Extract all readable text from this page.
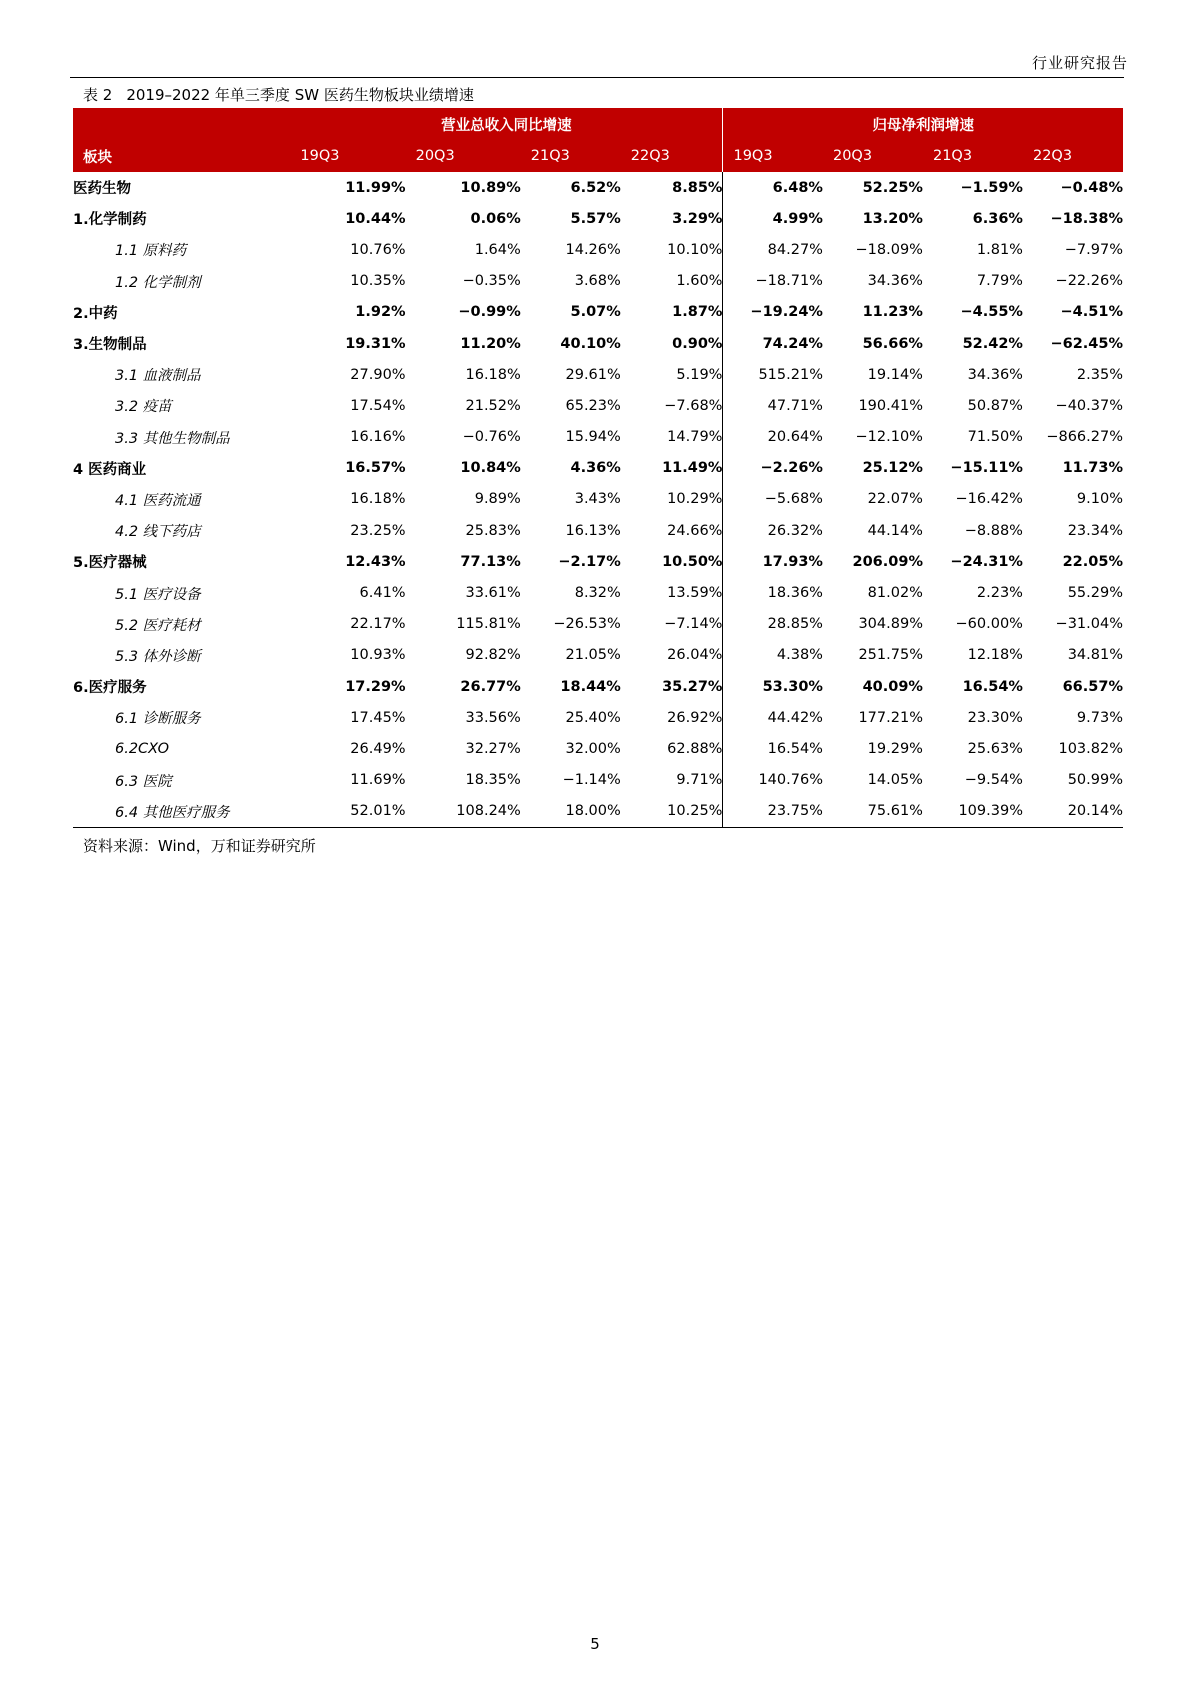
行业研究报告
表 2 2019–2022 年单三季度 SW 医药生物板块业绩增速
	营业总收入同比增速				归母净利润增速			
板块	19Q3	20Q3	21Q3	22Q3	19Q3	20Q3	21Q3	22Q3
医药生物	11.99%	10.89%	6.52%	8.85%	6.48%	52.25%	−1.59%	−0.48%
1.化学制药	10.44%	0.06%	5.57%	3.29%	4.99%	13.20%	6.36%	−18.38%
1.1 原料药	10.76%	1.64%	14.26%	10.10%	84.27%	−18.09%	1.81%	−7.97%
1.2 化学制剂	10.35%	−0.35%	3.68%	1.60%	−18.71%	34.36%	7.79%	−22.26%
2.中药	1.92%	−0.99%	5.07%	1.87%	−19.24%	11.23%	−4.55%	−4.51%
3.生物制品	19.31%	11.20%	40.10%	0.90%	74.24%	56.66%	52.42%	−62.45%
3.1 血液制品	27.90%	16.18%	29.61%	5.19%	515.21%	19.14%	34.36%	2.35%
3.2 疫苗	17.54%	21.52%	65.23%	−7.68%	47.71%	190.41%	50.87%	−40.37%
3.3 其他生物制品	16.16%	−0.76%	15.94%	14.79%	20.64%	−12.10%	71.50%	−866.27%
4 医药商业	16.57%	10.84%	4.36%	11.49%	−2.26%	25.12%	−15.11%	11.73%
4.1 医药流通	16.18%	9.89%	3.43%	10.29%	−5.68%	22.07%	−16.42%	9.10%
4.2 线下药店	23.25%	25.83%	16.13%	24.66%	26.32%	44.14%	−8.88%	23.34%
5.医疗器械	12.43%	77.13%	−2.17%	10.50%	17.93%	206.09%	−24.31%	22.05%
5.1 医疗设备	6.41%	33.61%	8.32%	13.59%	18.36%	81.02%	2.23%	55.29%
5.2 医疗耗材	22.17%	115.81%	−26.53%	−7.14%	28.85%	304.89%	−60.00%	−31.04%
5.3 体外诊断	10.93%	92.82%	21.05%	26.04%	4.38%	251.75%	12.18%	34.81%
6.医疗服务	17.29%	26.77%	18.44%	35.27%	53.30%	40.09%	16.54%	66.57%
6.1 诊断服务	17.45%	33.56%	25.40%	26.92%	44.42%	177.21%	23.30%	9.73%
6.2CXO	26.49%	32.27%	32.00%	62.88%	16.54%	19.29%	25.63%	103.82%
6.3 医院	11.69%	18.35%	−1.14%	9.71%	140.76%	14.05%	−9.54%	50.99%
6.4 其他医疗服务	52.01%	108.24%	18.00%	10.25%	23.75%	75.61%	109.39%	20.14%
资料来源：Wind，万和证券研究所
5
